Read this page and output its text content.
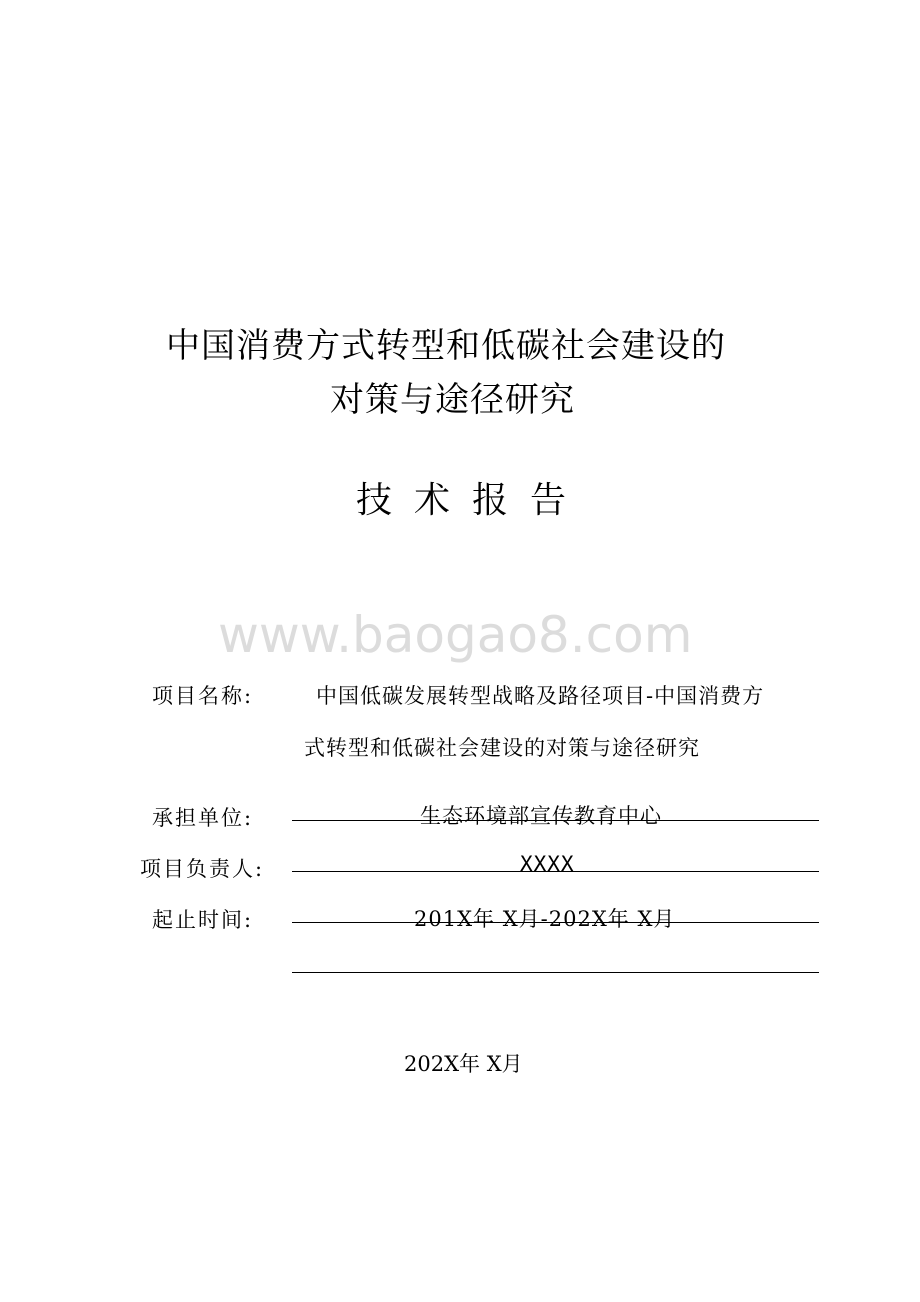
中国消费方式转型和低碳社会建设的
对策与途径研究
技术报告
www.baogao8.com
项目名称:	中国低碳发展转型战略及路径项目-中国消费方
式转型和低碳社会建设的对策与途径研究
承担单位:	生态环境部宣传教育中心
项目负责人:	XXXX
起止时间:	201X年 X月-202X年 X月
202X年 X月
